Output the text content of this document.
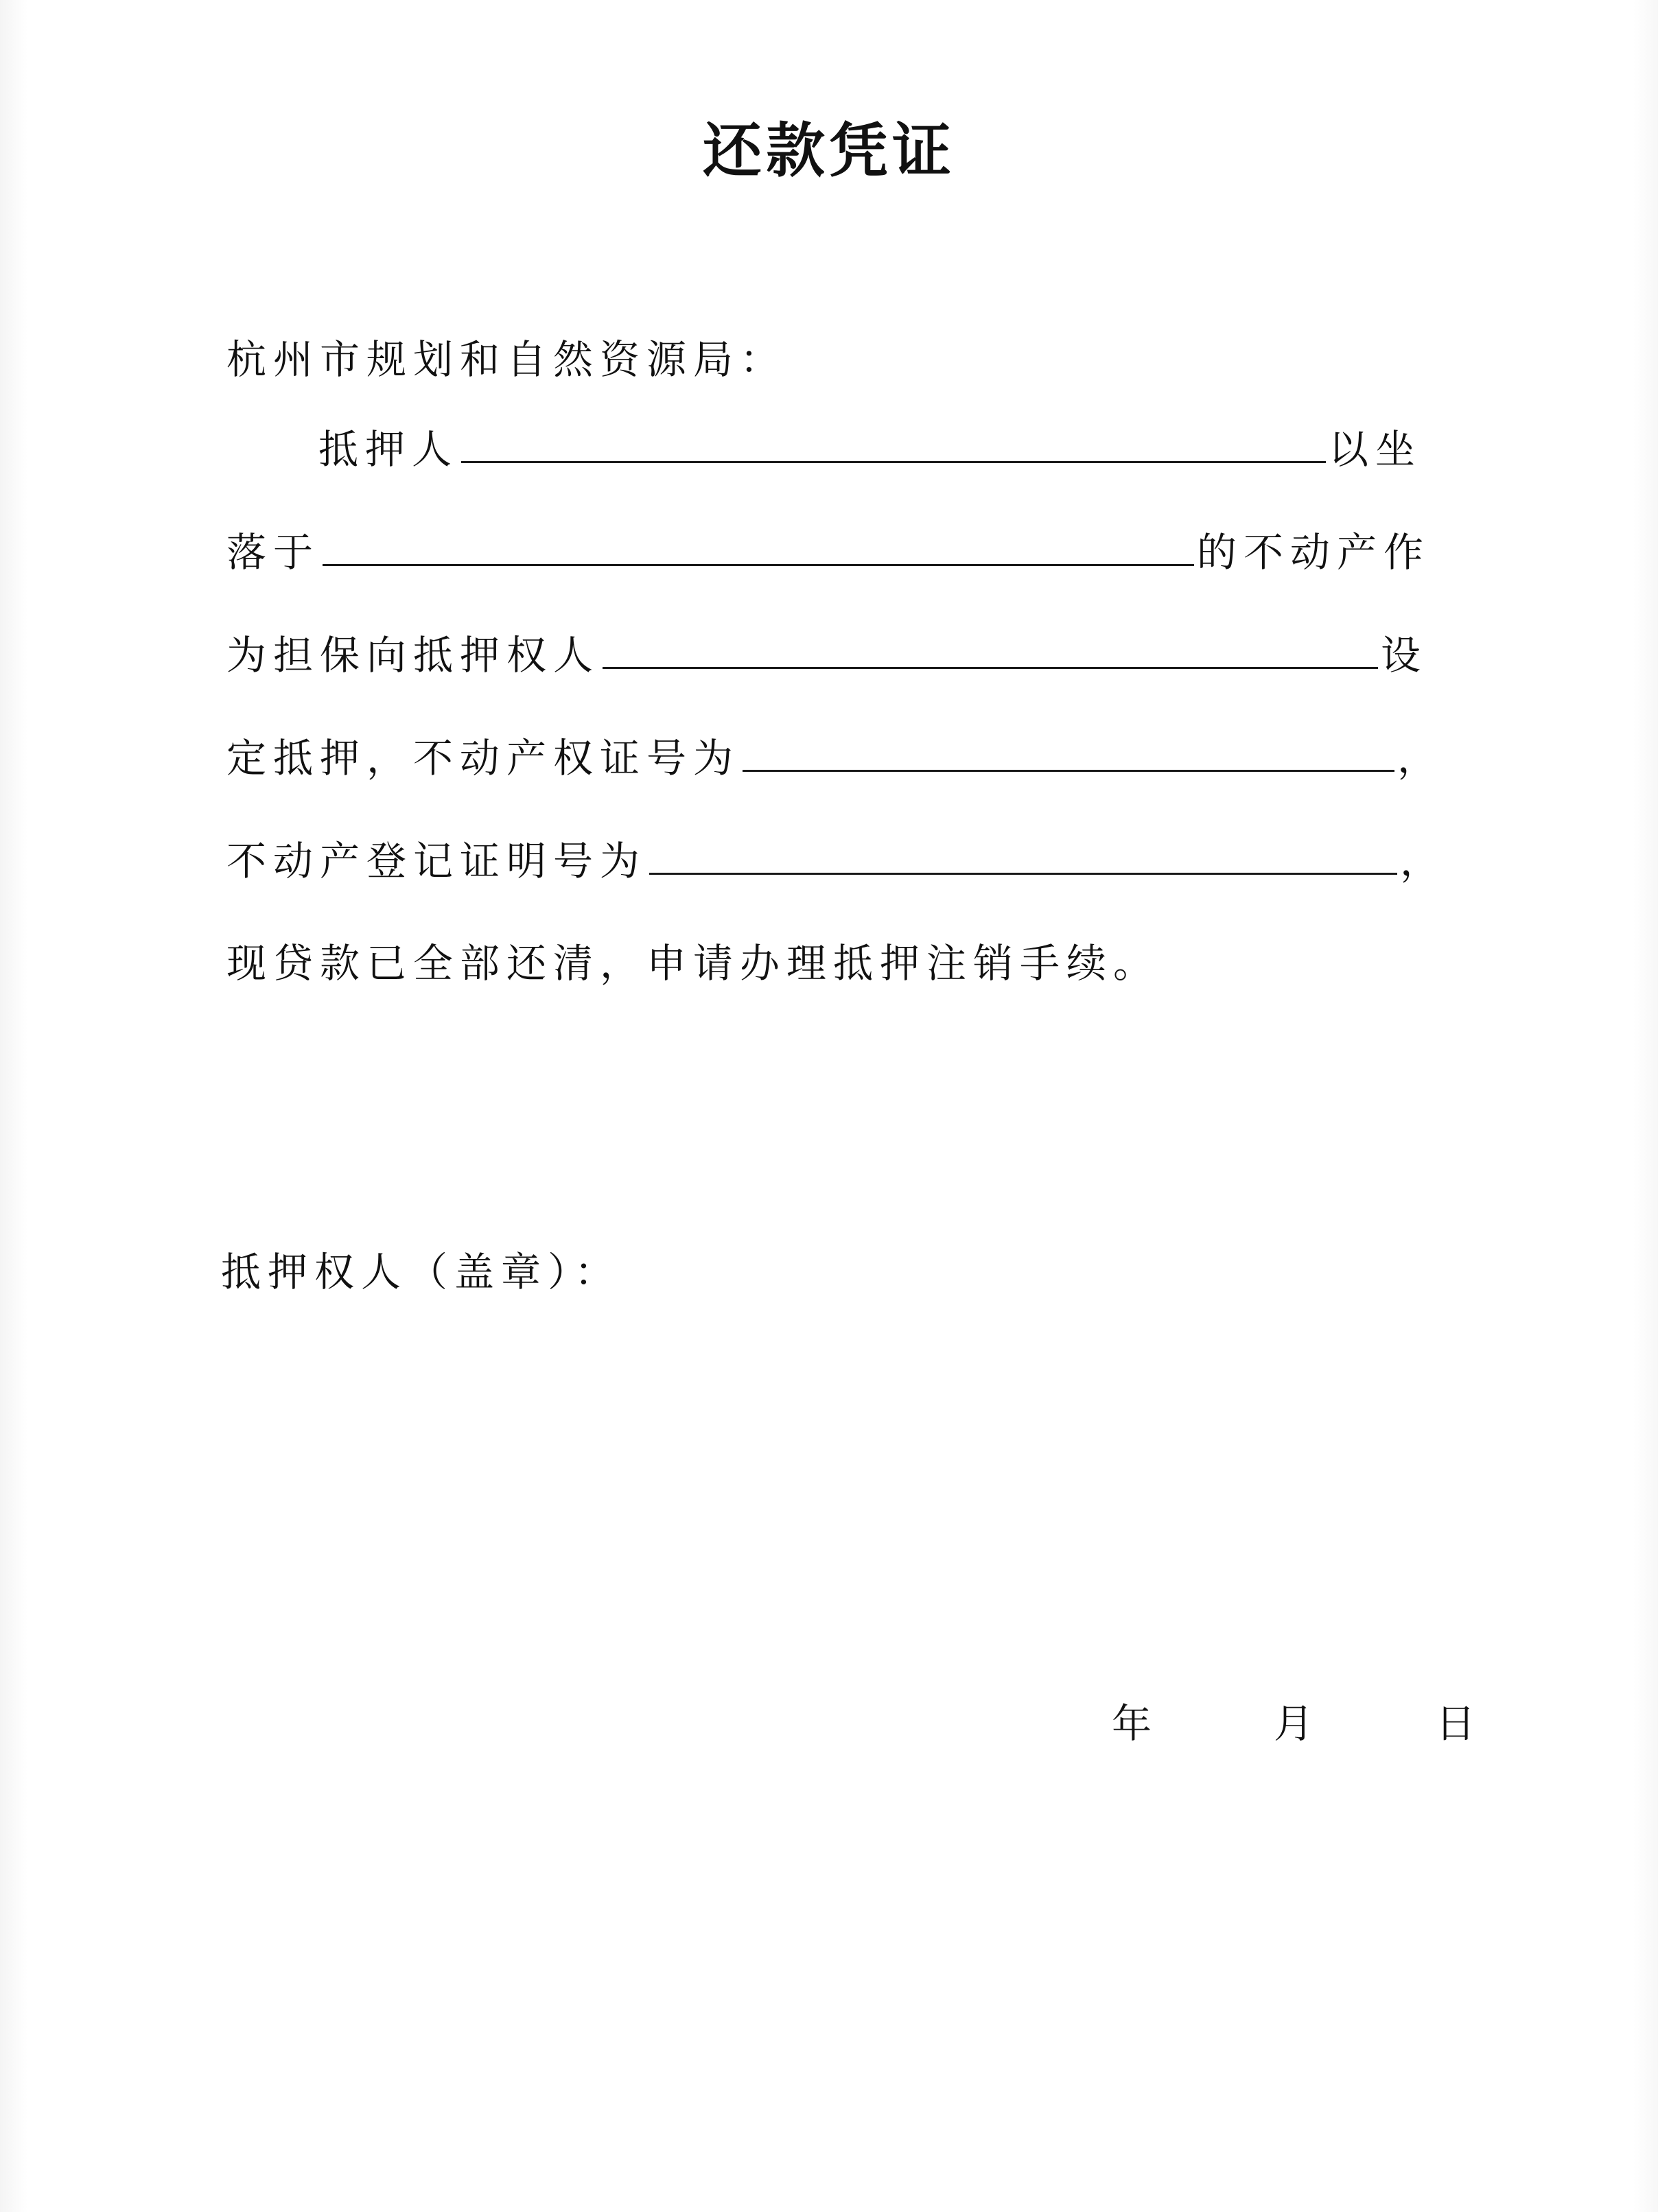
还款凭证
杭州市规划和自然资源局：
抵押人	以坐
落于	的不动产作
为担保向抵押权人	设
定抵押，不动产权证号为	，
不动产登记证明号为	，
现贷款已全部还清，申请办理抵押注销手续。
抵押权人（盖章）：
年	月	日
